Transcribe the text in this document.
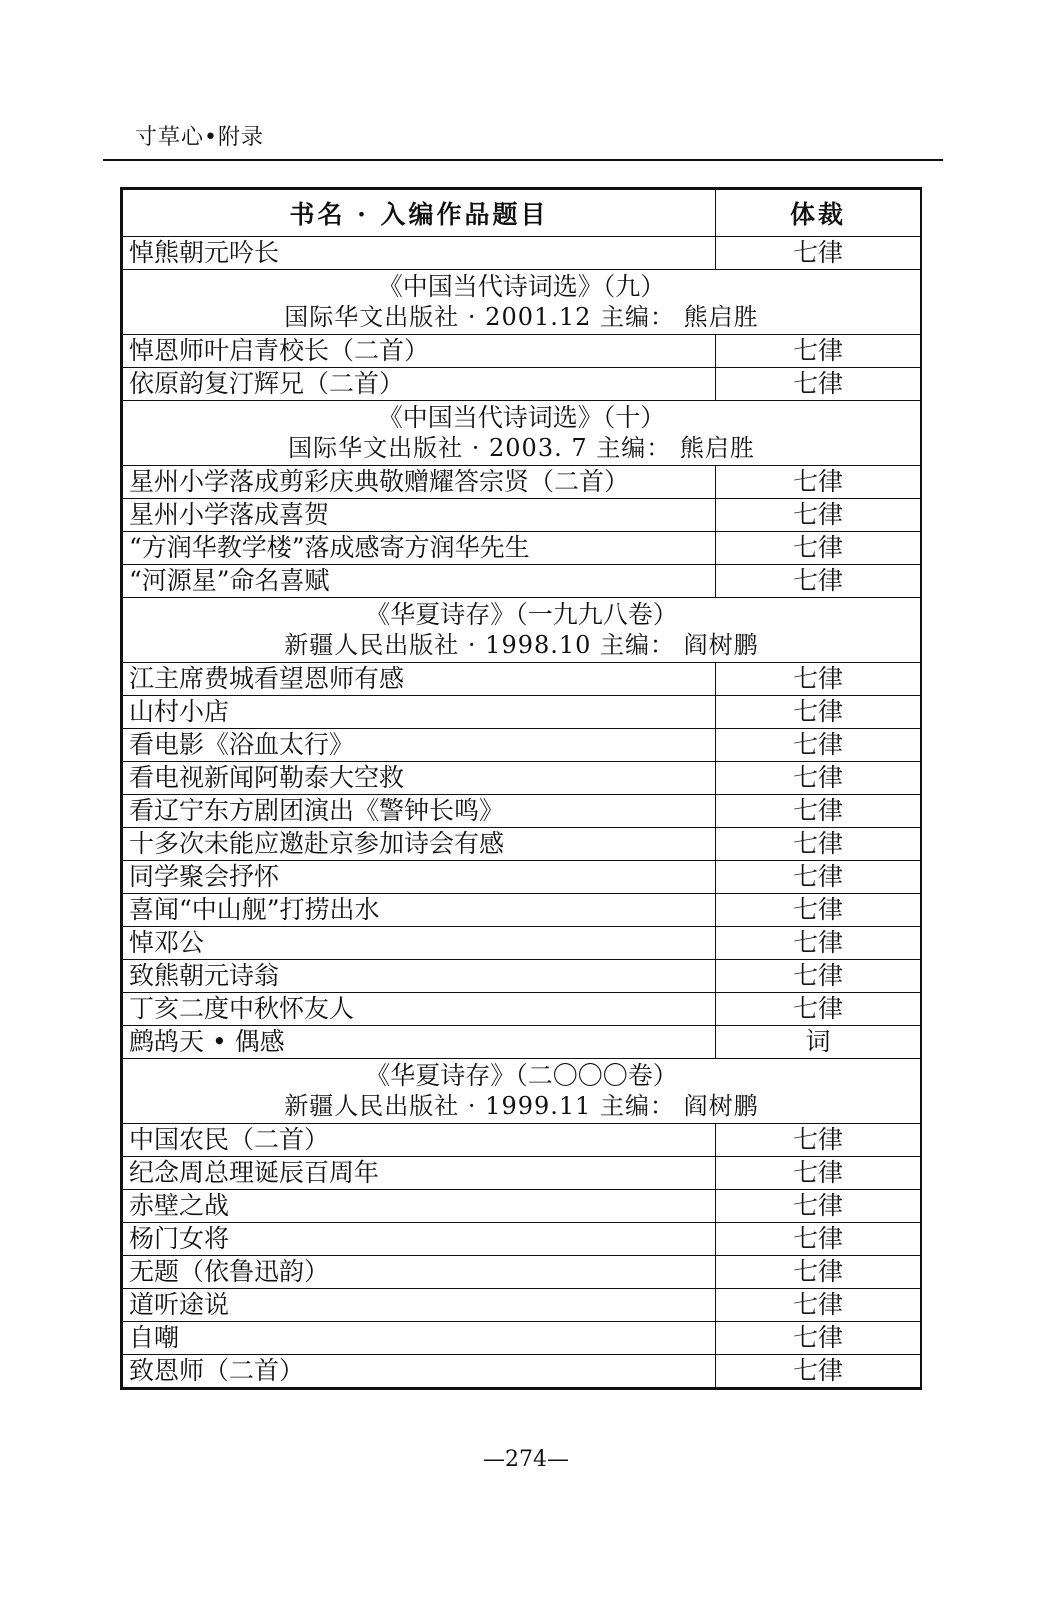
寸草心•附录
书名 · 入编作品题目	体裁
悼熊朝元吟长	七律

《中国当代诗词选》（九）
国际华文出版社 · 2001.12 主编： 熊启胜	

悼恩师叶启青校长（二首）	七律
依原韵复汀辉兄（二首）	七律

《中国当代诗词选》（十）
国际华文出版社 · 2003. 7 主编： 熊启胜	

星州小学落成剪彩庆典敬赠耀答宗贤（二首）	七律
星州小学落成喜贺	七律
“方润华教学楼”落成感寄方润华先生	七律
“河源星”命名喜赋	七律

《华夏诗存》（一九九八卷）
新疆人民出版社 · 1998.10 主编： 阎树鹏	

江主席费城看望恩师有感	七律
山村小店	七律
看电影《浴血太行》	七律
看电视新闻阿勒泰大空救	七律
看辽宁东方剧团演出《警钟长鸣》	七律
十多次未能应邀赴京参加诗会有感	七律
同学聚会抒怀	七律
喜闻“中山舰”打捞出水	七律
悼邓公	七律
致熊朝元诗翁	七律
丁亥二度中秋怀友人	七律
鹧鸪天 • 偶感	词

《华夏诗存》（二〇〇〇卷）
新疆人民出版社 · 1999.11 主编： 阎树鹏	

中国农民（二首）	七律
纪念周总理诞辰百周年	七律
赤壁之战	七律
杨门女将	七律
无题（依鲁迅韵）	七律
道听途说	七律
自嘲	七律
致恩师（二首）	七律
—274—
